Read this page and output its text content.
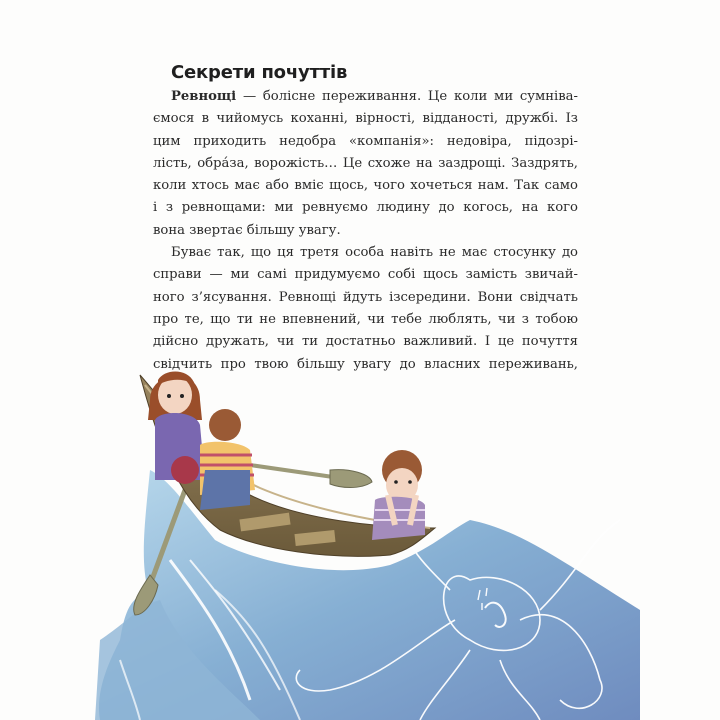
Секрети почуттів
Ревнощі — болісне переживання. Це коли ми сумніва-
ємося в чийомусь коханні, вірності, відданості, дружбі. Із
цим приходить недобра «компанія»: недовіра, підозрі-
лість, обра́за, ворожість… Це схоже на заздрощі. Заздрять,
коли хтось має або вміє щось, чого хочеться нам. Так само
і з ревнощами: ми ревнуємо людину до когось, на кого
вона звертає більшу увагу.
Буває так, що ця третя особа навіть не має стосунку до
справи — ми самі придумуємо собі щось замість звичай-
ного з’ясування. Ревнощі йдуть ізсередини. Вони свідчать
про те, що ти не впевнений, чи тебе люблять, чи з тобою
дійсно дружать, чи ти достатньо важливий. І це почуття
свідчить про твою більшу увагу до власних переживань,
